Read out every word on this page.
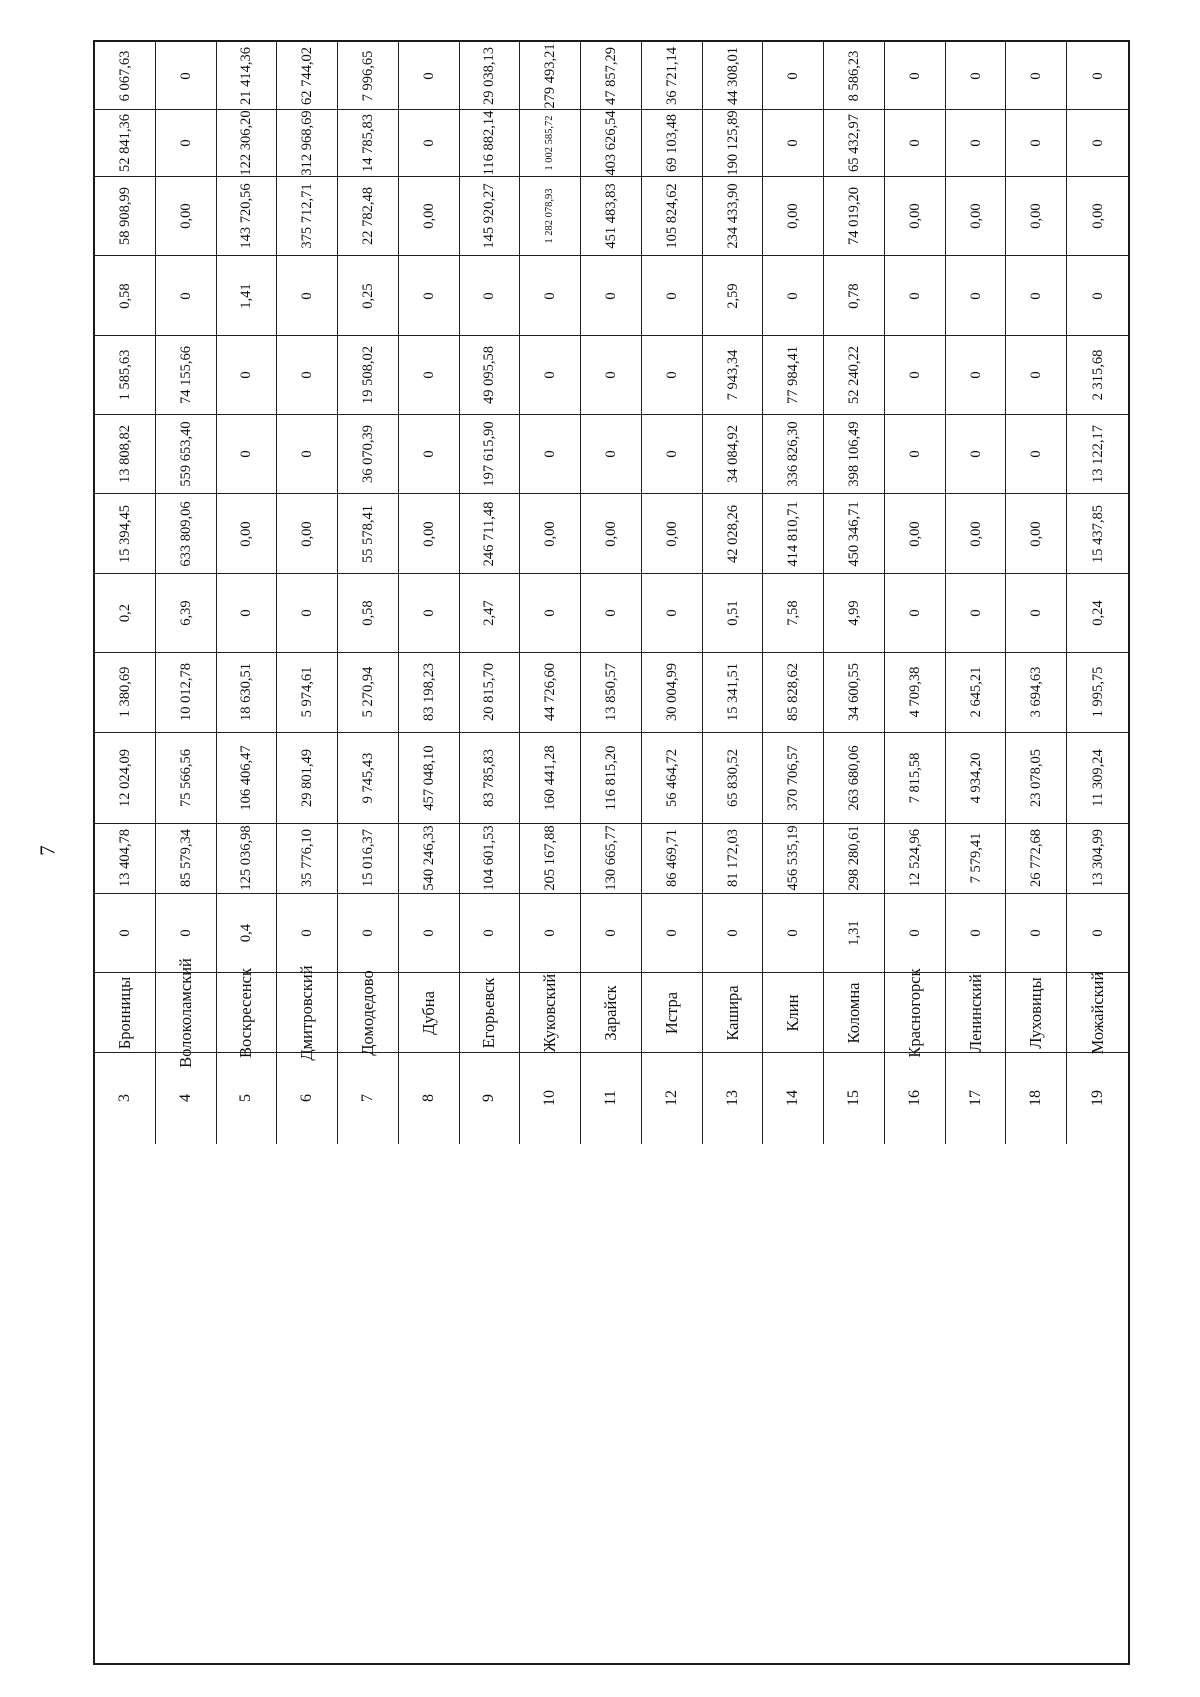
7
6 067,63	0	21 414,36	62 744,02	7 996,65	0	29 038,13	279 493,21	47 857,29	36 721,14	44 308,01	0	8 586,23	0	0	0	0
52 841,36	0	122 306,20	312 968,69	14 785,83	0	116 882,14	1 002 585,72	403 626,54	69 103,48	190 125,89	0	65 432,97	0	0	0	0
58 908,99	0,00	143 720,56	375 712,71	22 782,48	0,00	145 920,27	1 282 078,93	451 483,83	105 824,62	234 433,90	0,00	74 019,20	0,00	0,00	0,00	0,00
0,58	0	1,41	0	0,25	0	0	0	0	0	2,59	0	0,78	0	0	0	0
1 585,63	74 155,66	0	0	19 508,02	0	49 095,58	0	0	0	7 943,34	77 984,41	52 240,22	0	0	0	2 315,68
13 808,82	559 653,40	0	0	36 070,39	0	197 615,90	0	0	0	34 084,92	336 826,30	398 106,49	0	0	0	13 122,17
15 394,45	633 809,06	0,00	0,00	55 578,41	0,00	246 711,48	0,00	0,00	0,00	42 028,26	414 810,71	450 346,71	0,00	0,00	0,00	15 437,85
0,2	6,39	0	0	0,58	0	2,47	0	0	0	0,51	7,58	4,99	0	0	0	0,24
1 380,69	10 012,78	18 630,51	5 974,61	5 270,94	83 198,23	20 815,70	44 726,60	13 850,57	30 004,99	15 341,51	85 828,62	34 600,55	4 709,38	2 645,21	3 694,63	1 995,75
12 024,09	75 566,56	106 406,47	29 801,49	9 745,43	457 048,10	83 785,83	160 441,28	116 815,20	56 464,72	65 830,52	370 706,57	263 680,06	7 815,58	4 934,20	23 078,05	11 309,24
13 404,78	85 579,34	125 036,98	35 776,10	15 016,37	540 246,33	104 601,53	205 167,88	130 665,77	86 469,71	81 172,03	456 535,19	298 280,61	12 524,96	7 579,41	26 772,68	13 304,99
0	0	0,4	0	0	0	0	0	0	0	0	0	1,31	0	0	0	0
Бронницы	Волоколамский	Воскресенск	Дмитровский	Домодедово	Дубна	Егорьевск	Жуковский	Зарайск	Истра	Кашира	Клин	Коломна	Красногорск	Ленинский	Луховицы	Можайский
3	4	5	6	7	8	9	10	11	12	13	14	15	16	17	18	19
